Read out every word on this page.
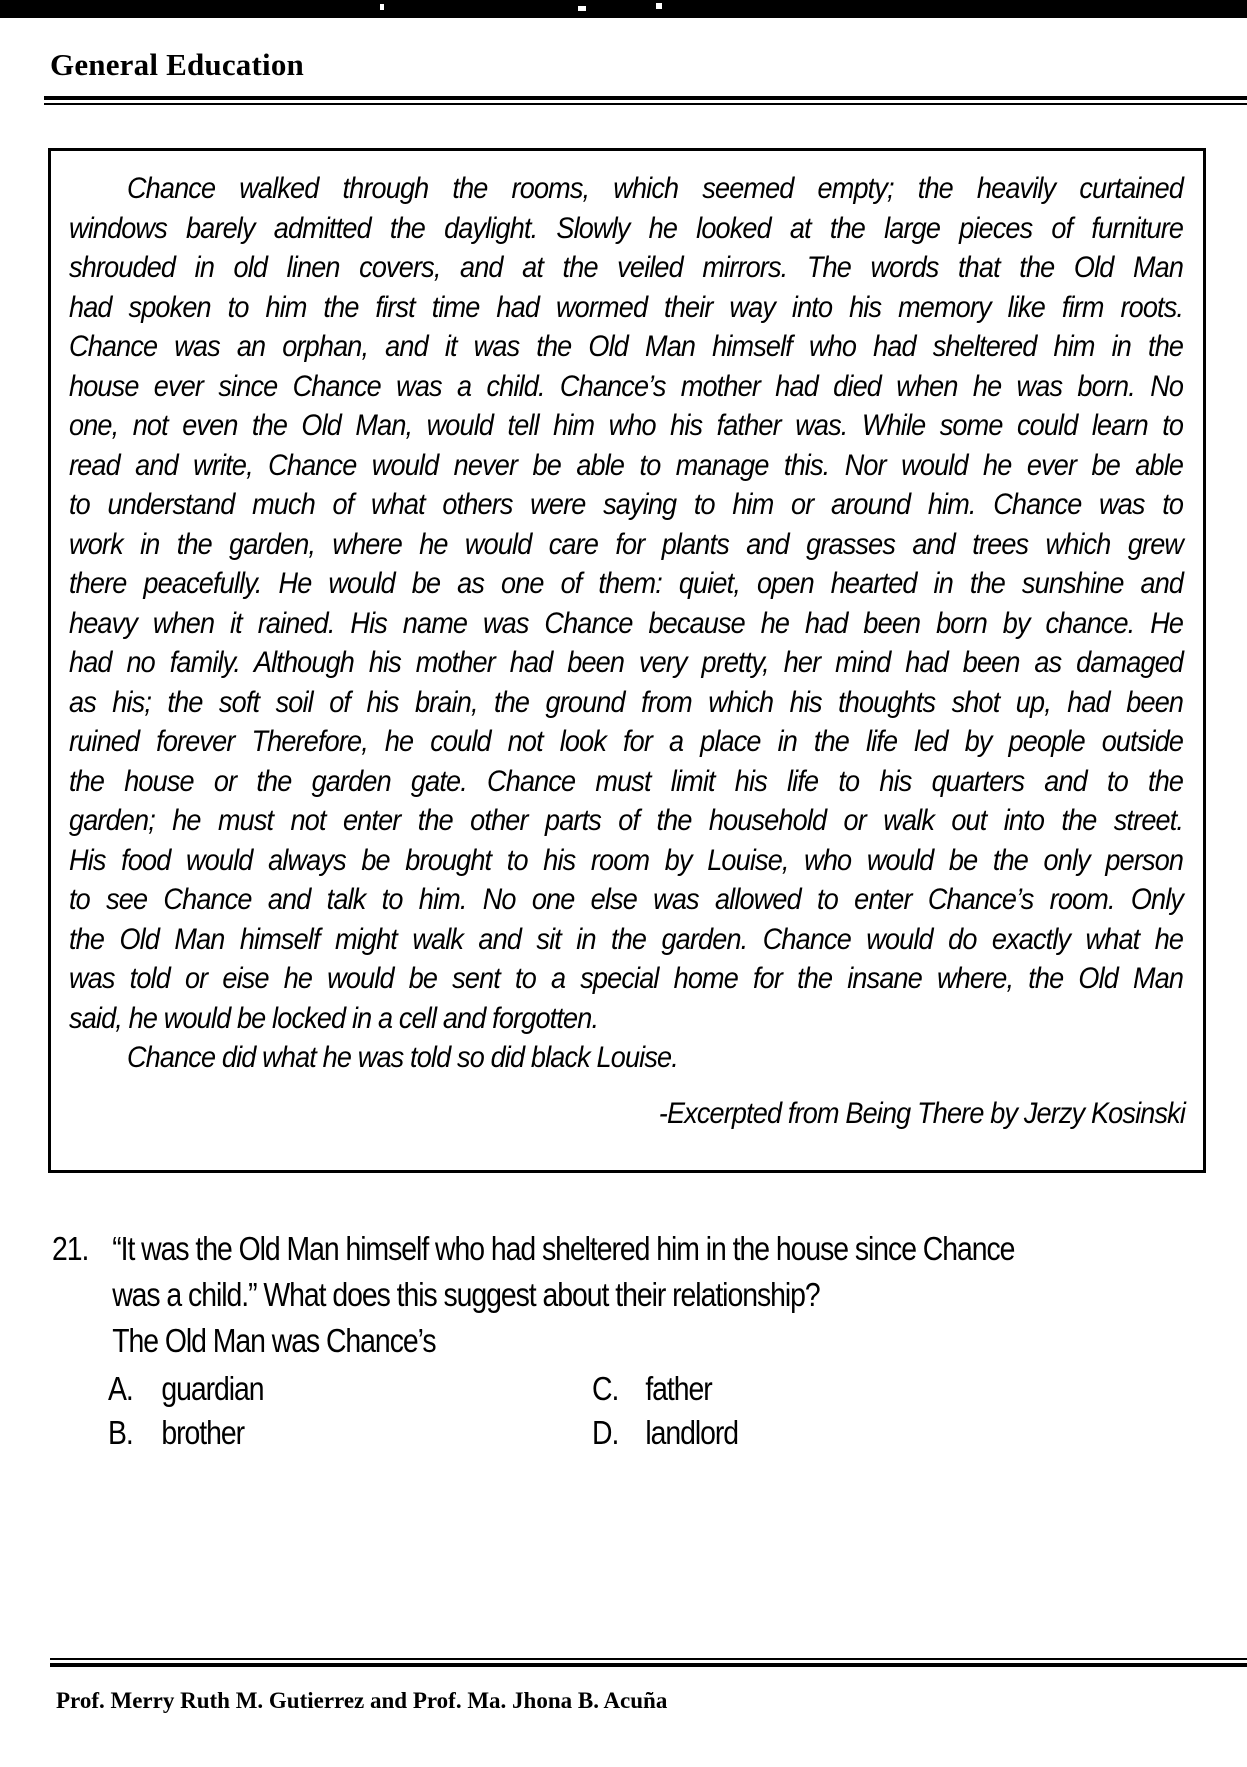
General Education
Chance walked through the rooms, which seemed empty; the heavily curtained
windows barely admitted the daylight. Slowly he looked at the large pieces of furniture
shrouded in old linen covers, and at the veiled mirrors. The words that the Old Man
had spoken to him the first time had wormed their way into his memory like firm roots.
Chance was an orphan, and it was the Old Man himself who had sheltered him in the
house ever since Chance was a child. Chance’s mother had died when he was born. No
one, not even the Old Man, would tell him who his father was. While some could learn to
read and write, Chance would never be able to manage this. Nor would he ever be able
to understand much of what others were saying to him or around him. Chance was to
work in the garden, where he would care for plants and grasses and trees which grew
there peacefully. He would be as one of them: quiet, open hearted in the sunshine and
heavy when it rained. His name was Chance because he had been born by chance. He
had no family. Although his mother had been very pretty, her mind had been as damaged
as his; the soft soil of his brain, the ground from which his thoughts shot up, had been
ruined forever Therefore, he could not look for a place in the life led by people outside
the house or the garden gate. Chance must limit his life to his quarters and to the
garden; he must not enter the other parts of the household or walk out into the street.
His food would always be brought to his room by Louise, who would be the only person
to see Chance and talk to him. No one else was allowed to enter Chance’s room. Only
the Old Man himself might walk and sit in the garden. Chance would do exactly what he
was told or eise he would be sent to a special home for the insane where, the Old Man
said, he would be locked in a cell and forgotten.
Chance did what he was told so did black Louise.
-Excerpted from Being There by Jerzy Kosinski
21. “It was the Old Man himself who had sheltered him in the house since Chance
was a child.” What does this suggest about their relationship?
The Old Man was Chance’s
A. guardian
B. brother
C. father
D. landlord
Prof. Merry Ruth M. Gutierrez and Prof. Ma. Jhona B. Acuña
